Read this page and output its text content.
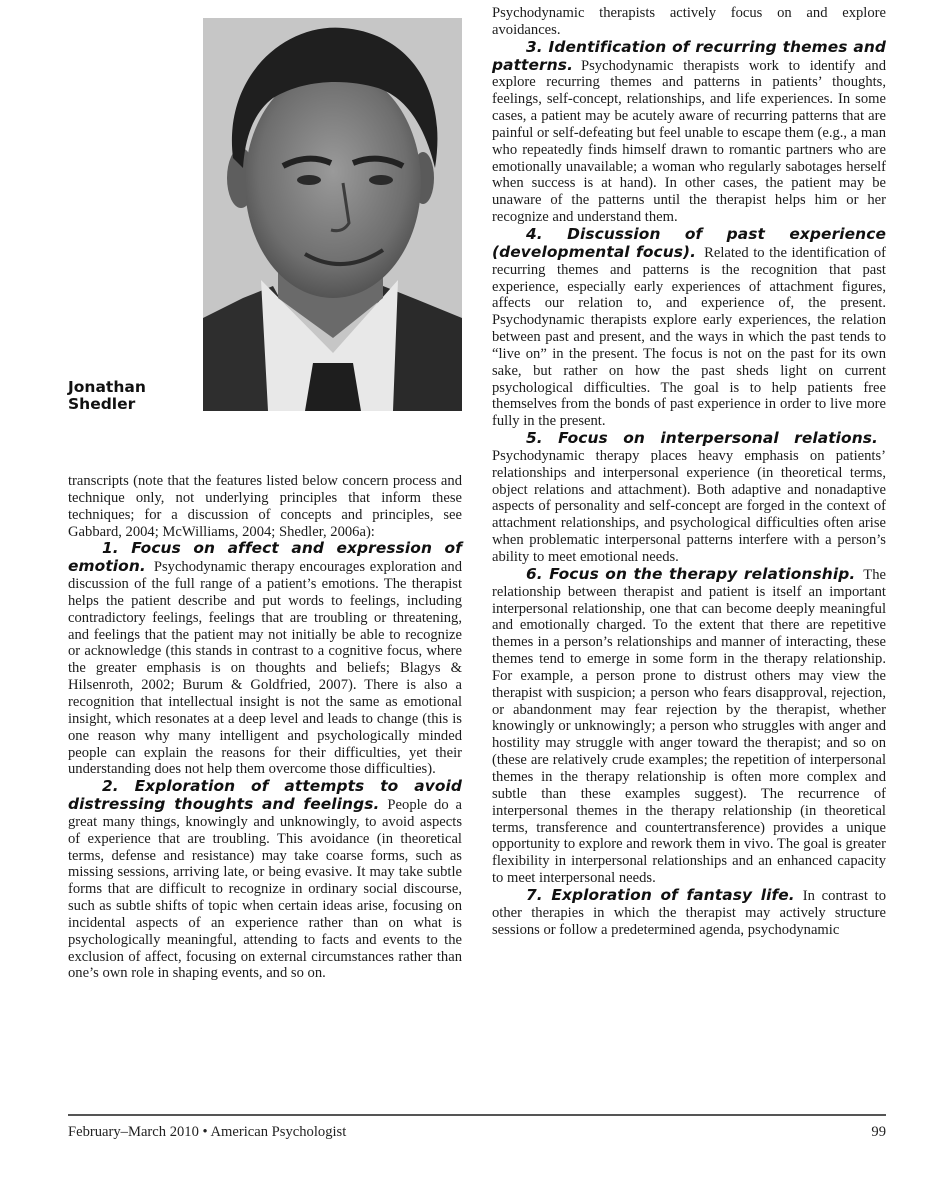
Jonathan
Shedler

transcripts (note that the features listed below concern process and technique only, not underlying principles that inform these techniques; for a discussion of concepts and principles, see Gabbard, 2004; McWilliams, 2004; Shedler, 2006a):

1. Focus on affect and expression of emotion. Psychodynamic therapy encourages exploration and discussion of the full range of a patient’s emotions. The therapist helps the patient describe and put words to feelings, including contradictory feelings, feelings that are troubling or threatening, and feelings that the patient may not initially be able to recognize or acknowledge (this stands in contrast to a cognitive focus, where the greater emphasis is on thoughts and beliefs; Blagys & Hilsenroth, 2002; Burum & Goldfried, 2007). There is also a recognition that intellectual insight is not the same as emotional insight, which resonates at a deep level and leads to change (this is one reason why many intelligent and psychologically minded people can explain the reasons for their difficulties, yet their understanding does not help them overcome those difficulties).

2. Exploration of attempts to avoid distressing thoughts and feelings. People do a great many things, knowingly and unknowingly, to avoid aspects of experience that are troubling. This avoidance (in theoretical terms, defense and resistance) may take coarse forms, such as missing sessions, arriving late, or being evasive. It may take subtle forms that are difficult to recognize in ordinary social discourse, such as subtle shifts of topic when certain ideas arise, focusing on incidental aspects of an experience rather than on what is psychologically meaningful, attending to facts and events to the exclusion of affect, focusing on external circumstances rather than one’s own role in shaping events, and so on.

Psychodynamic therapists actively focus on and explore avoidances.

3. Identification of recurring themes and patterns. Psychodynamic therapists work to identify and explore recurring themes and patterns in patients’ thoughts, feelings, self-concept, relationships, and life experiences. In some cases, a patient may be acutely aware of recurring patterns that are painful or self-defeating but feel unable to escape them (e.g., a man who repeatedly finds himself drawn to romantic partners who are emotionally unavailable; a woman who regularly sabotages herself when success is at hand). In other cases, the patient may be unaware of the patterns until the therapist helps him or her recognize and understand them.

4. Discussion of past experience (developmental focus). Related to the identification of recurring themes and patterns is the recognition that past experience, especially early experiences of attachment figures, affects our relation to, and experience of, the present. Psychodynamic therapists explore early experiences, the relation between past and present, and the ways in which the past tends to “live on” in the present. The focus is not on the past for its own sake, but rather on how the past sheds light on current psychological difficulties. The goal is to help patients free themselves from the bonds of past experience in order to live more fully in the present.

5. Focus on interpersonal relations.Psychodynamic therapy places heavy emphasis on patients’ relationships and interpersonal experience (in theoretical terms, object relations and attachment). Both adaptive and nonadaptive aspects of personality and self-concept are forged in the context of attachment relationships, and psychological difficulties often arise when problematic interpersonal patterns interfere with a person’s ability to meet emotional needs.

6. Focus on the therapy relationship. The relationship between therapist and patient is itself an important interpersonal relationship, one that can become deeply meaningful and emotionally charged. To the extent that there are repetitive themes in a person’s relationships and manner of interacting, these themes tend to emerge in some form in the therapy relationship. For example, a person prone to distrust others may view the therapist with suspicion; a person who fears disapproval, rejection, or abandonment may fear rejection by the therapist, whether knowingly or unknowingly; a person who struggles with anger and hostility may struggle with anger toward the therapist; and so on (these are relatively crude examples; the repetition of interpersonal themes in the therapy relationship is often more complex and subtle than these examples suggest). The recurrence of interpersonal themes in the therapy relationship (in theoretical terms, transference and countertransference) provides a unique opportunity to explore and rework them in vivo. The goal is greater flexibility in interpersonal relationships and an enhanced capacity to meet interpersonal needs.

7. Exploration of fantasy life. In contrast to other therapies in which the therapist may actively structure sessions or follow a predetermined agenda, psychodynamic

February–March 2010 • American Psychologist	99
